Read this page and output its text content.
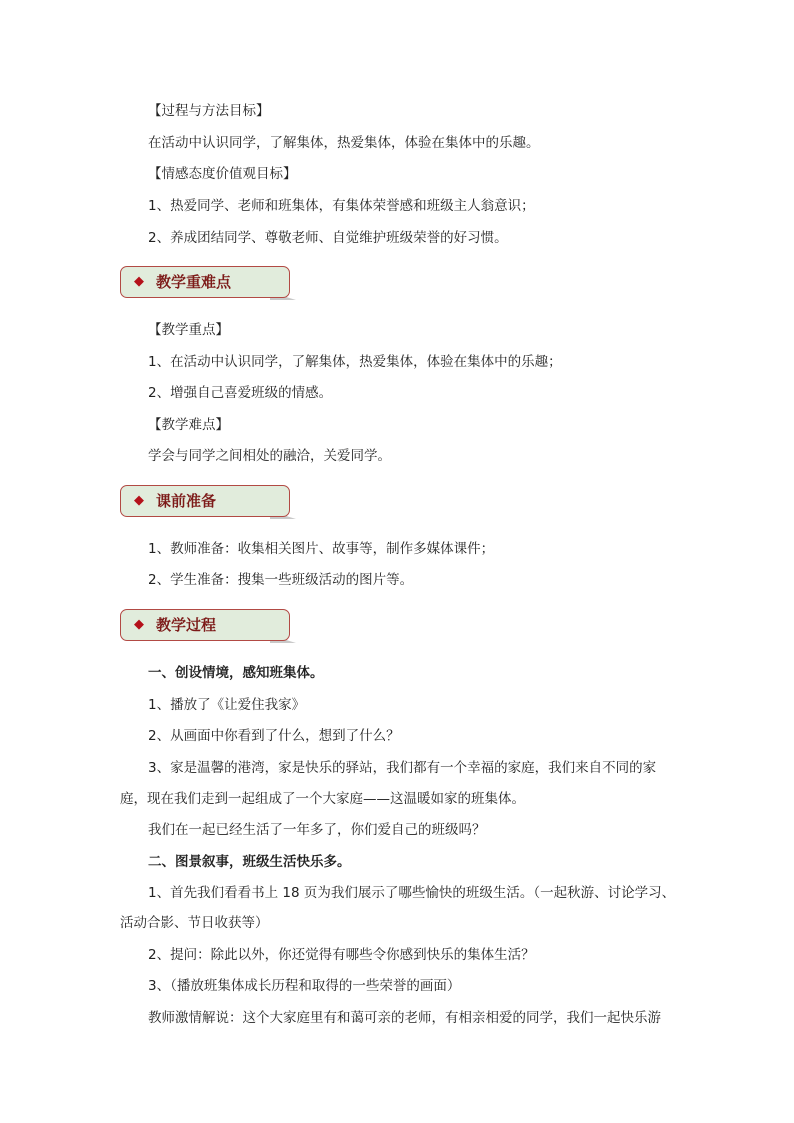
【过程与方法目标】
在活动中认识同学，了解集体，热爱集体，体验在集体中的乐趣。
【情感态度价值观目标】
1、热爱同学、老师和班集体，有集体荣誉感和班级主人翁意识；
2、养成团结同学、尊敬老师、自觉维护班级荣誉的好习惯。
◆ 教学重难点
【教学重点】
1、在活动中认识同学，了解集体，热爱集体，体验在集体中的乐趣；
2、增强自己喜爱班级的情感。
【教学难点】
学会与同学之间相处的融洽，关爱同学。
◆ 课前准备
1、教师准备：收集相关图片、故事等，制作多媒体课件；
2、学生准备：搜集一些班级活动的图片等。
◆ 教学过程
一、创设情境，感知班集体。
1、播放了《让爱住我家》
2、从画面中你看到了什么，想到了什么？
3、家是温馨的港湾，家是快乐的驿站，我们都有一个幸福的家庭，我们来自不同的家
庭，现在我们走到一起组成了一个大家庭——这温暖如家的班集体。
我们在一起已经生活了一年多了，你们爱自己的班级吗？
二、图景叙事，班级生活快乐多。
1、首先我们看看书上 18 页为我们展示了哪些愉快的班级生活。（一起秋游、讨论学习、
活动合影、节日收获等）
2、提问：除此以外，你还觉得有哪些令你感到快乐的集体生活？
3、（播放班集体成长历程和取得的一些荣誉的画面）
教师激情解说：这个大家庭里有和蔼可亲的老师，有相亲相爱的同学，我们一起快乐游
